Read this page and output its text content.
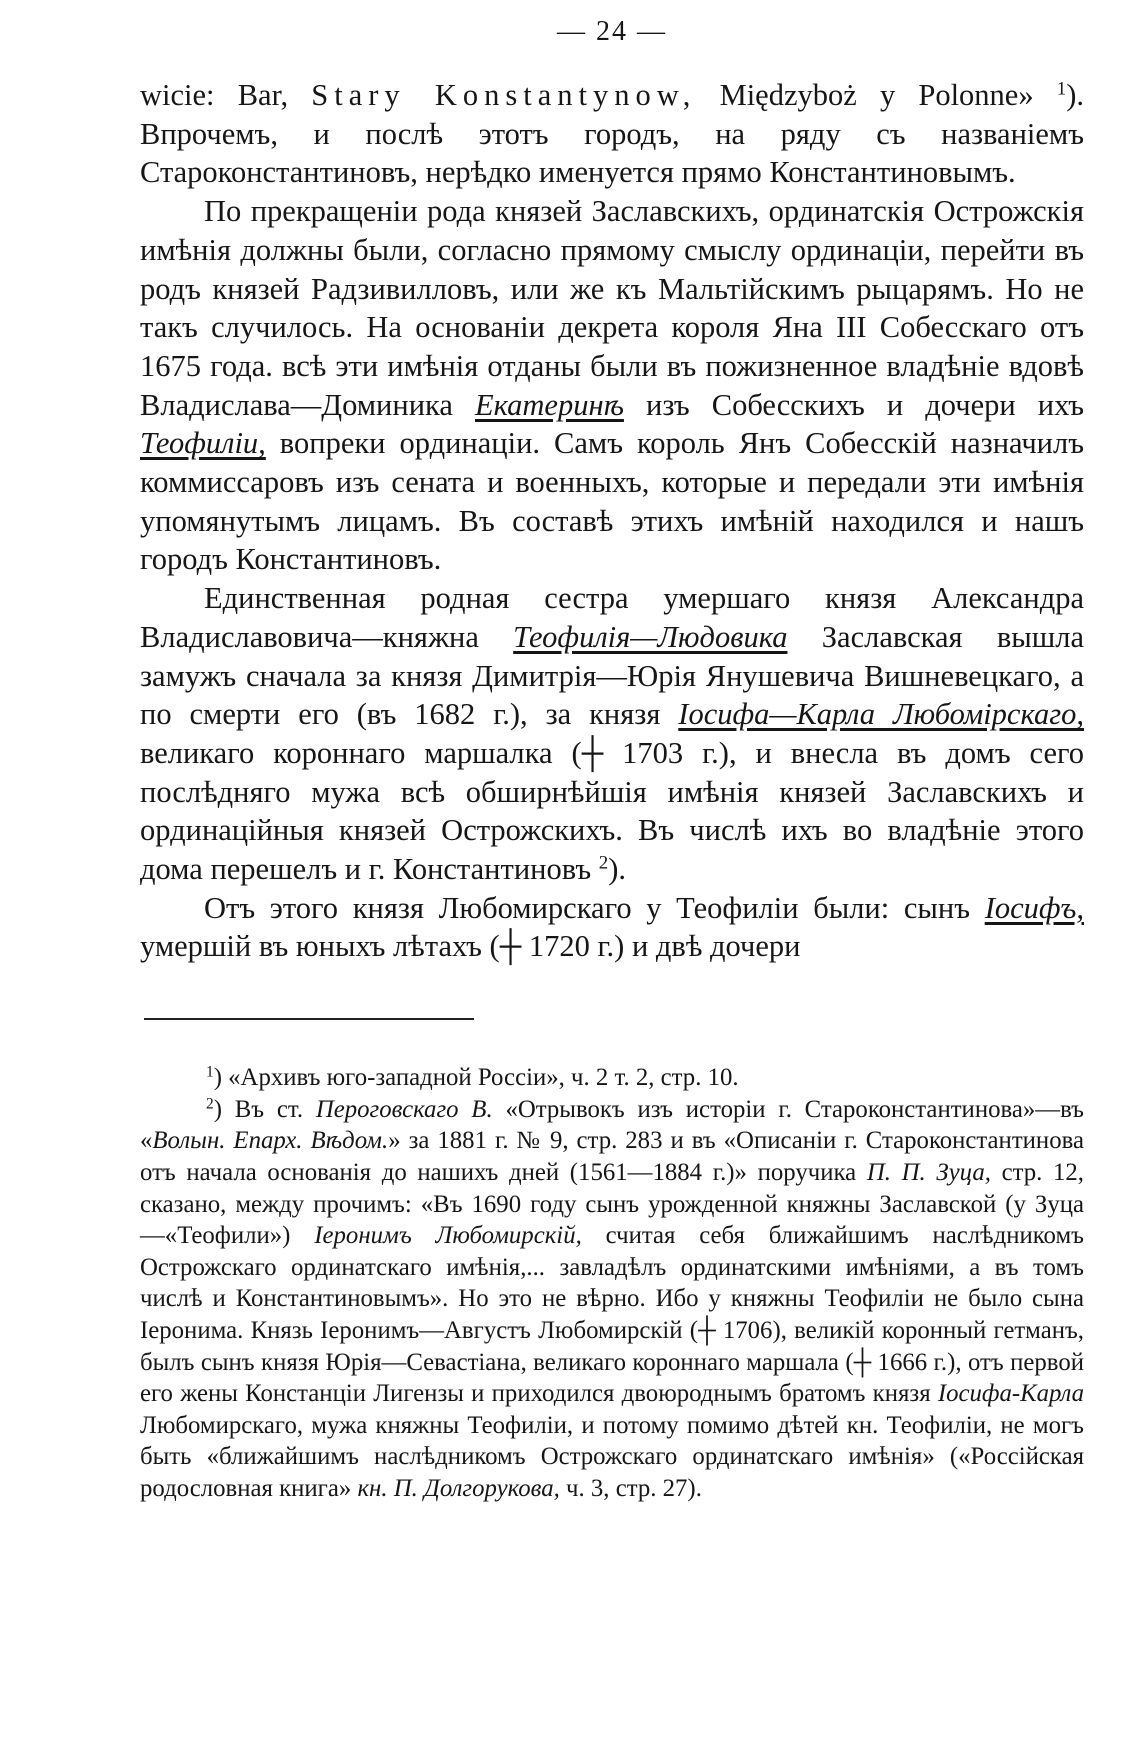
— 24 —

wicie: Bar, Stary Konstantynow, Międzyboż y Polonne» $^1$). Впрочемъ, и послѣ этотъ городъ, на ряду съ названіемъ Староконстантиновъ, нерѣдко именуется прямо Константиновымъ.

По прекращеніи рода князей Заславскихъ, ординатскія Острожскія имѣнія должны были, согласно прямому смыслу ординаціи, перейти въ родъ князей Радзивилловъ, или же къ Мальтійскимъ рыцарямъ. Но не такъ случилось. На основаніи декрета короля Яна III Собесскаго отъ 1675 года. всѣ эти имѣнія отданы были въ пожизненное владѣніе вдовѣ Владислава—Доминика Екатеринѣ изъ Собесскихъ и дочери ихъ Теофиліи, вопреки ординаціи. Самъ король Янъ Собесскій назначилъ коммиссаровъ изъ сената и военныхъ, которые и передали эти имѣнія упомянутымъ лицамъ. Въ составѣ этихъ имѣній находился и нашъ городъ Константиновъ.

Единственная родная сестра умершаго князя Александра Владиславовича—княжна Теофилія—Людовика Заславская вышла замужъ сначала за князя Димитрія—Юрія Янушевича Вишневецкаго, а по смерти его (въ 1682 г.), за князя Іосифа—Карла Любомірскаго, великаго короннаго маршалка (┼ 1703 г.), и внесла въ домъ сего послѣдняго мужа всѣ обширнѣйшія имѣнія князей Заславскихъ и ординаційныя князей Острожскихъ. Въ числѣ ихъ во владѣніе этого дома перешелъ и г. Константиновъ $^2$).

Отъ этого князя Любомирскаго у Теофиліи были: сынъ Іосифъ, умершій въ юныхъ лѣтахъ (┼ 1720 г.) и двѣ дочери

$^1$) «Архивъ юго-западной Россіи», ч. 2 т. 2, стр. 10.

$^2$) Въ ст. Пероговскаго В. «Отрывокъ изъ исторіи г. Староконстантинова»—въ «Волын. Епарх. Вѣдом.» за 1881 г. № 9, стр. 283 и въ «Описаніи г. Староконстантинова отъ начала основанія до нашихъ дней (1561—1884 г.)» поручика П. П. Зуца, стр. 12, сказано, между прочимъ: «Въ 1690 году сынъ урожденной княжны Заславской (у Зуца—«Теофили») Іеронимъ Любомирскій, считая себя ближайшимъ наслѣдникомъ Острожскаго ординатскаго имѣнія,... завладѣлъ ординатскими имѣніями, а въ томъ числѣ и Константиновымъ». Но это не вѣрно. Ибо у княжны Теофиліи не было сына Іеронима. Князь Іеронимъ—Августъ Любомирскій (┼ 1706), великій коронный гетманъ, былъ сынъ князя Юрія—Севастіана, великаго короннаго маршала (┼ 1666 г.), отъ первой его жены Констанціи Лигензы и приходился двоюроднымъ братомъ князя Іосифа-Карла Любомирскаго, мужа княжны Теофиліи, и потому помимо дѣтей кн. Теофиліи, не могъ быть «ближайшимъ наслѣдникомъ Острожскаго ординатскаго имѣнія» («Россійская родословная книга» кн. П. Долгорукова, ч. 3, стр. 27).
